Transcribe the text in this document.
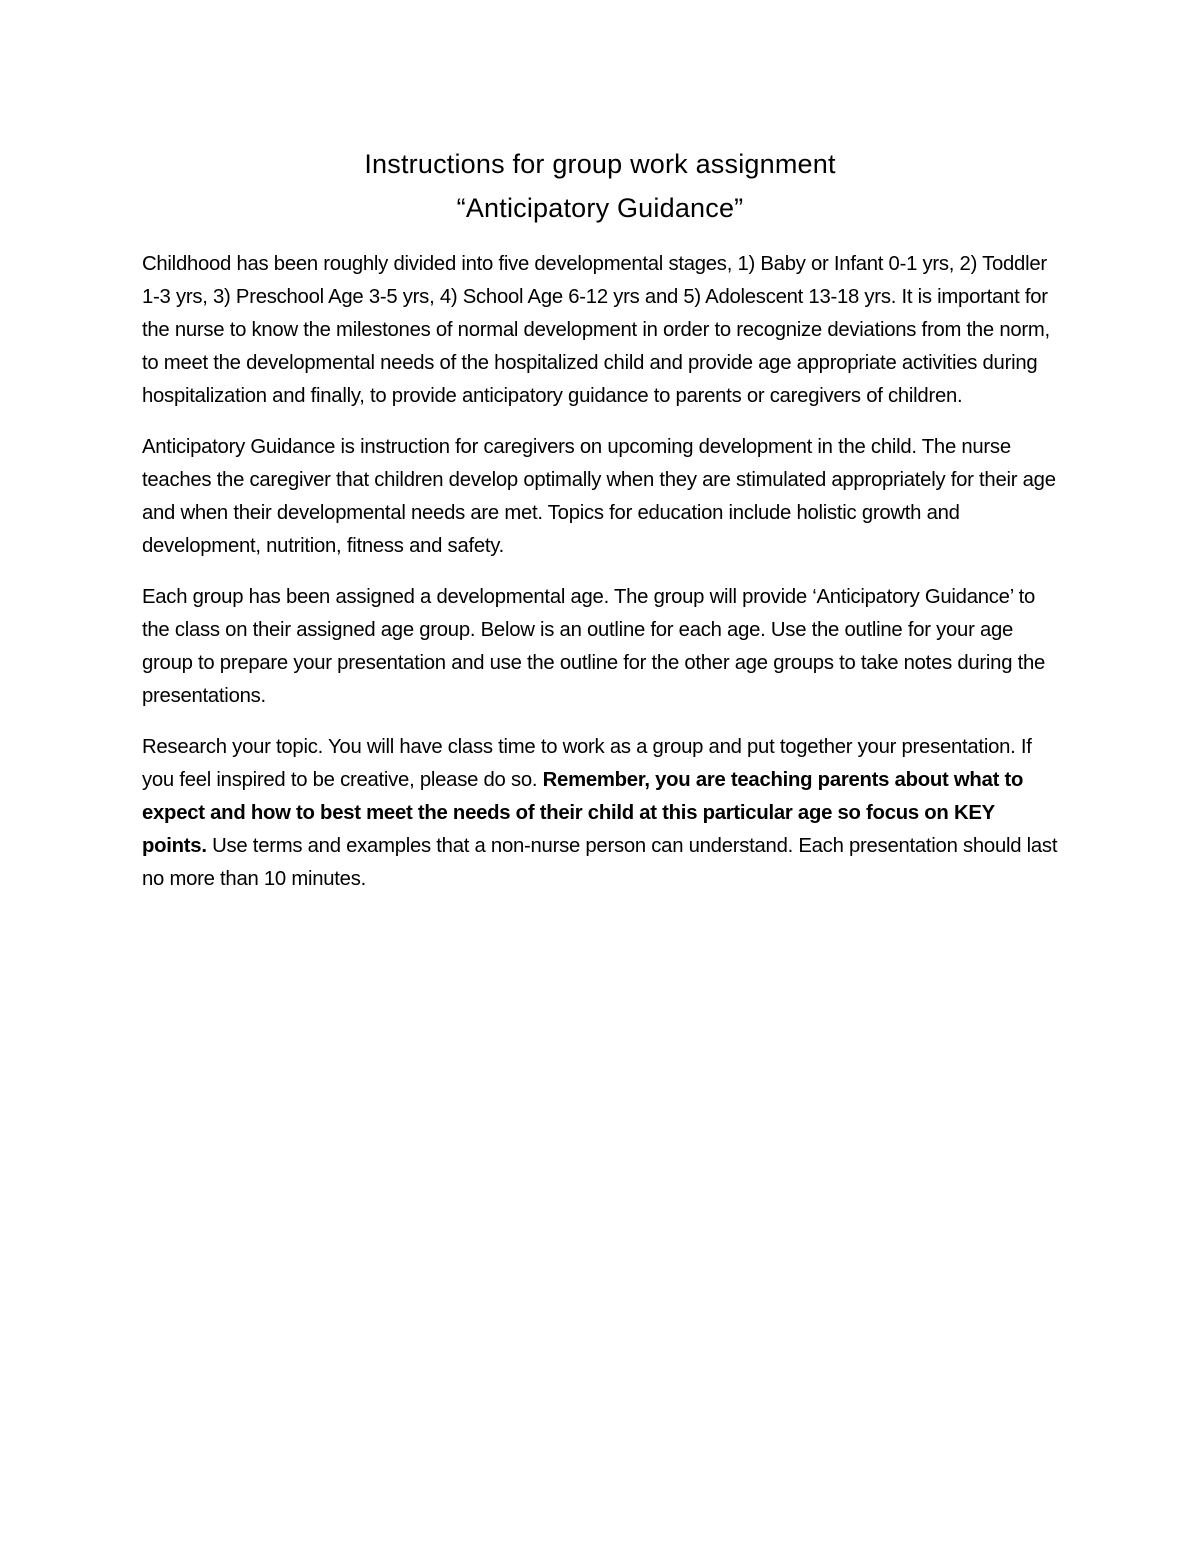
Instructions for group work assignment
“Anticipatory Guidance”

Childhood has been roughly divided into five developmental stages, 1) Baby or Infant 0-1 yrs, 2) Toddler 1-3 yrs, 3) Preschool Age 3-5 yrs, 4) School Age 6-12 yrs and 5) Adolescent 13-18 yrs. It is important for the nurse to know the milestones of normal development in order to recognize deviations from the norm, to meet the developmental needs of the hospitalized child and provide age appropriate activities during hospitalization and finally, to provide anticipatory guidance to parents or caregivers of children.

Anticipatory Guidance is instruction for caregivers on upcoming development in the child. The nurse teaches the caregiver that children develop optimally when they are stimulated appropriately for their age and when their developmental needs are met. Topics for education include holistic growth and development, nutrition, fitness and safety.

Each group has been assigned a developmental age. The group will provide ‘Anticipatory Guidance’ to the class on their assigned age group. Below is an outline for each age. Use the outline for your age group to prepare your presentation and use the outline for the other age groups to take notes during the presentations.

Research your topic. You will have class time to work as a group and put together your presentation. If you feel inspired to be creative, please do so. Remember, you are teaching parents about what to expect and how to best meet the needs of their child at this particular age so focus on KEY points. Use terms and examples that a non-nurse person can understand. Each presentation should last no more than 10 minutes.
